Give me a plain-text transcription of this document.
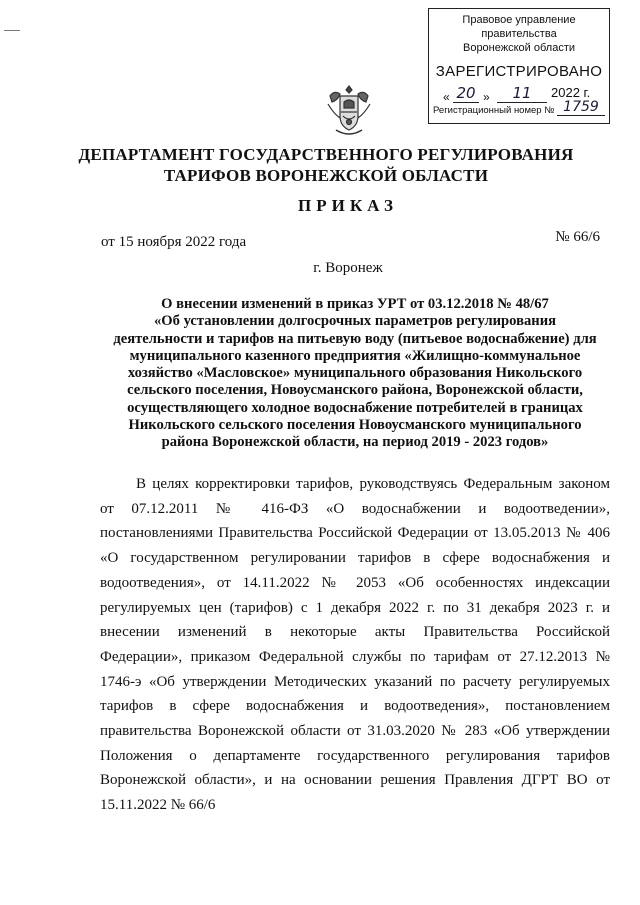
Правовое управление правительства
Воронежской области
ЗАРЕГИСТРИРОВАНО
« 20 »	11	2022 г.
Регистрационный номер № 1759
ДЕПАРТАМЕНТ ГОСУДАРСТВЕННОГО РЕГУЛИРОВАНИЯ
ТАРИФОВ ВОРОНЕЖСКОЙ ОБЛАСТИ
ПРИКАЗ
от 15 ноября 2022 года	№ 66/6
г. Воронеж
О внесении изменений в приказ УРТ от 03.12.2018 № 48/67
«Об установлении долгосрочных параметров регулирования
деятельности и тарифов на питьевую воду (питьевое водоснабжение) для
муниципального казенного предприятия «Жилищно-коммунальное
хозяйство «Масловское» муниципального образования Никольского
сельского поселения, Новоусманского района, Воронежской области,
осуществляющего холодное водоснабжение потребителей в границах
Никольского сельского поселения Новоусманского муниципального
района Воронежской области, на период 2019 - 2023 годов»
В целях корректировки тарифов, руководствуясь Федеральным законом
от 07.12.2011 № 416-ФЗ «О водоснабжении и водоотведении»,
постановлениями Правительства Российской Федерации от 13.05.2013 № 406
«О государственном регулировании тарифов в сфере водоснабжения и
водоотведения», от 14.11.2022 № 2053 «Об особенностях индексации
регулируемых цен (тарифов) с 1 декабря 2022 г. по 31 декабря 2023 г. и
внесении изменений в некоторые акты Правительства Российской
Федерации», приказом Федеральной службы по тарифам от 27.12.2013 №
1746-э «Об утверждении Методических указаний по расчету регулируемых
тарифов в сфере водоснабжения и водоотведения», постановлением
правительства Воронежской области от 31.03.2020 № 283 «Об утверждении
Положения о департаменте государственного регулирования тарифов
Воронежской области», и на основании решения Правления ДГРТ ВО от
15.11.2022 № 66/6
